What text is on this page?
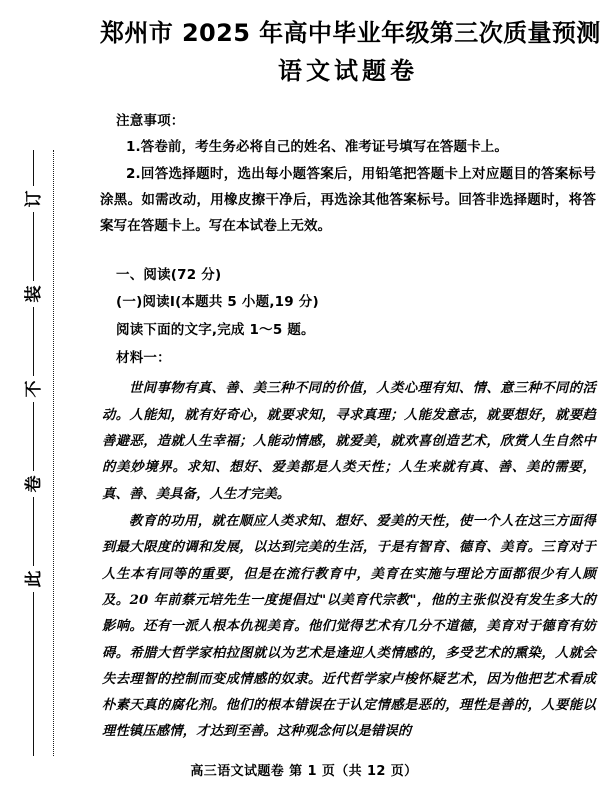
订
装
不
卷
此
郑州市 2025 年高中毕业年级第三次质量预测
语文试题卷
注意事项：
1.答卷前，考生务必将自己的姓名、准考证号填写在答题卡上。
2.回答选择题时，选出每小题答案后，用铅笔把答题卡上对应题目的答案标号涂黑。如需改动，用橡皮擦干净后，再选涂其他答案标号。回答非选择题时，将答案写在答题卡上。写在本试卷上无效。
一、阅读(72 分)
(一)阅读Ⅰ(本题共 5 小题,19 分)
阅读下面的文字,完成 1～5 题。
材料一：

世间事物有真、善、美三种不同的价值，人类心理有知、情、意三种不同的活动。人能知，就有好奇心，就要求知，寻求真理；人能发意志，就要想好，就要趋善避恶，造就人生幸福；人能动情感，就爱美，就欢喜创造艺术，欣赏人生自然中的美妙境界。求知、想好、爱美都是人类天性；人生来就有真、善、美的需要，真、善、美具备，人生才完美。

教育的功用，就在顺应人类求知、想好、爱美的天性，使一个人在这三方面得到最大限度的调和发展，以达到完美的生活，于是有智育、德育、美育。三育对于人生本有同等的重要，但是在流行教育中，美育在实施与理论方面都很少有人顾及。20 年前蔡元培先生一度提倡过"以美育代宗教"，他的主张似没有发生多大的影响。还有一派人根本仇视美育。他们觉得艺术有几分不道德，美育对于德育有妨碍。希腊大哲学家柏拉图就以为艺术是逢迎人类情感的，多受艺术的熏染，人就会失去理智的控制而变成情感的奴隶。近代哲学家卢梭怀疑艺术，因为他把艺术看成朴素天真的腐化剂。他们的根本错误在于认定情感是恶的，理性是善的，人要能以理性镇压感情，才达到至善。这种观念何以是错误的

高三语文试题卷 第 1 页（共 12 页）
